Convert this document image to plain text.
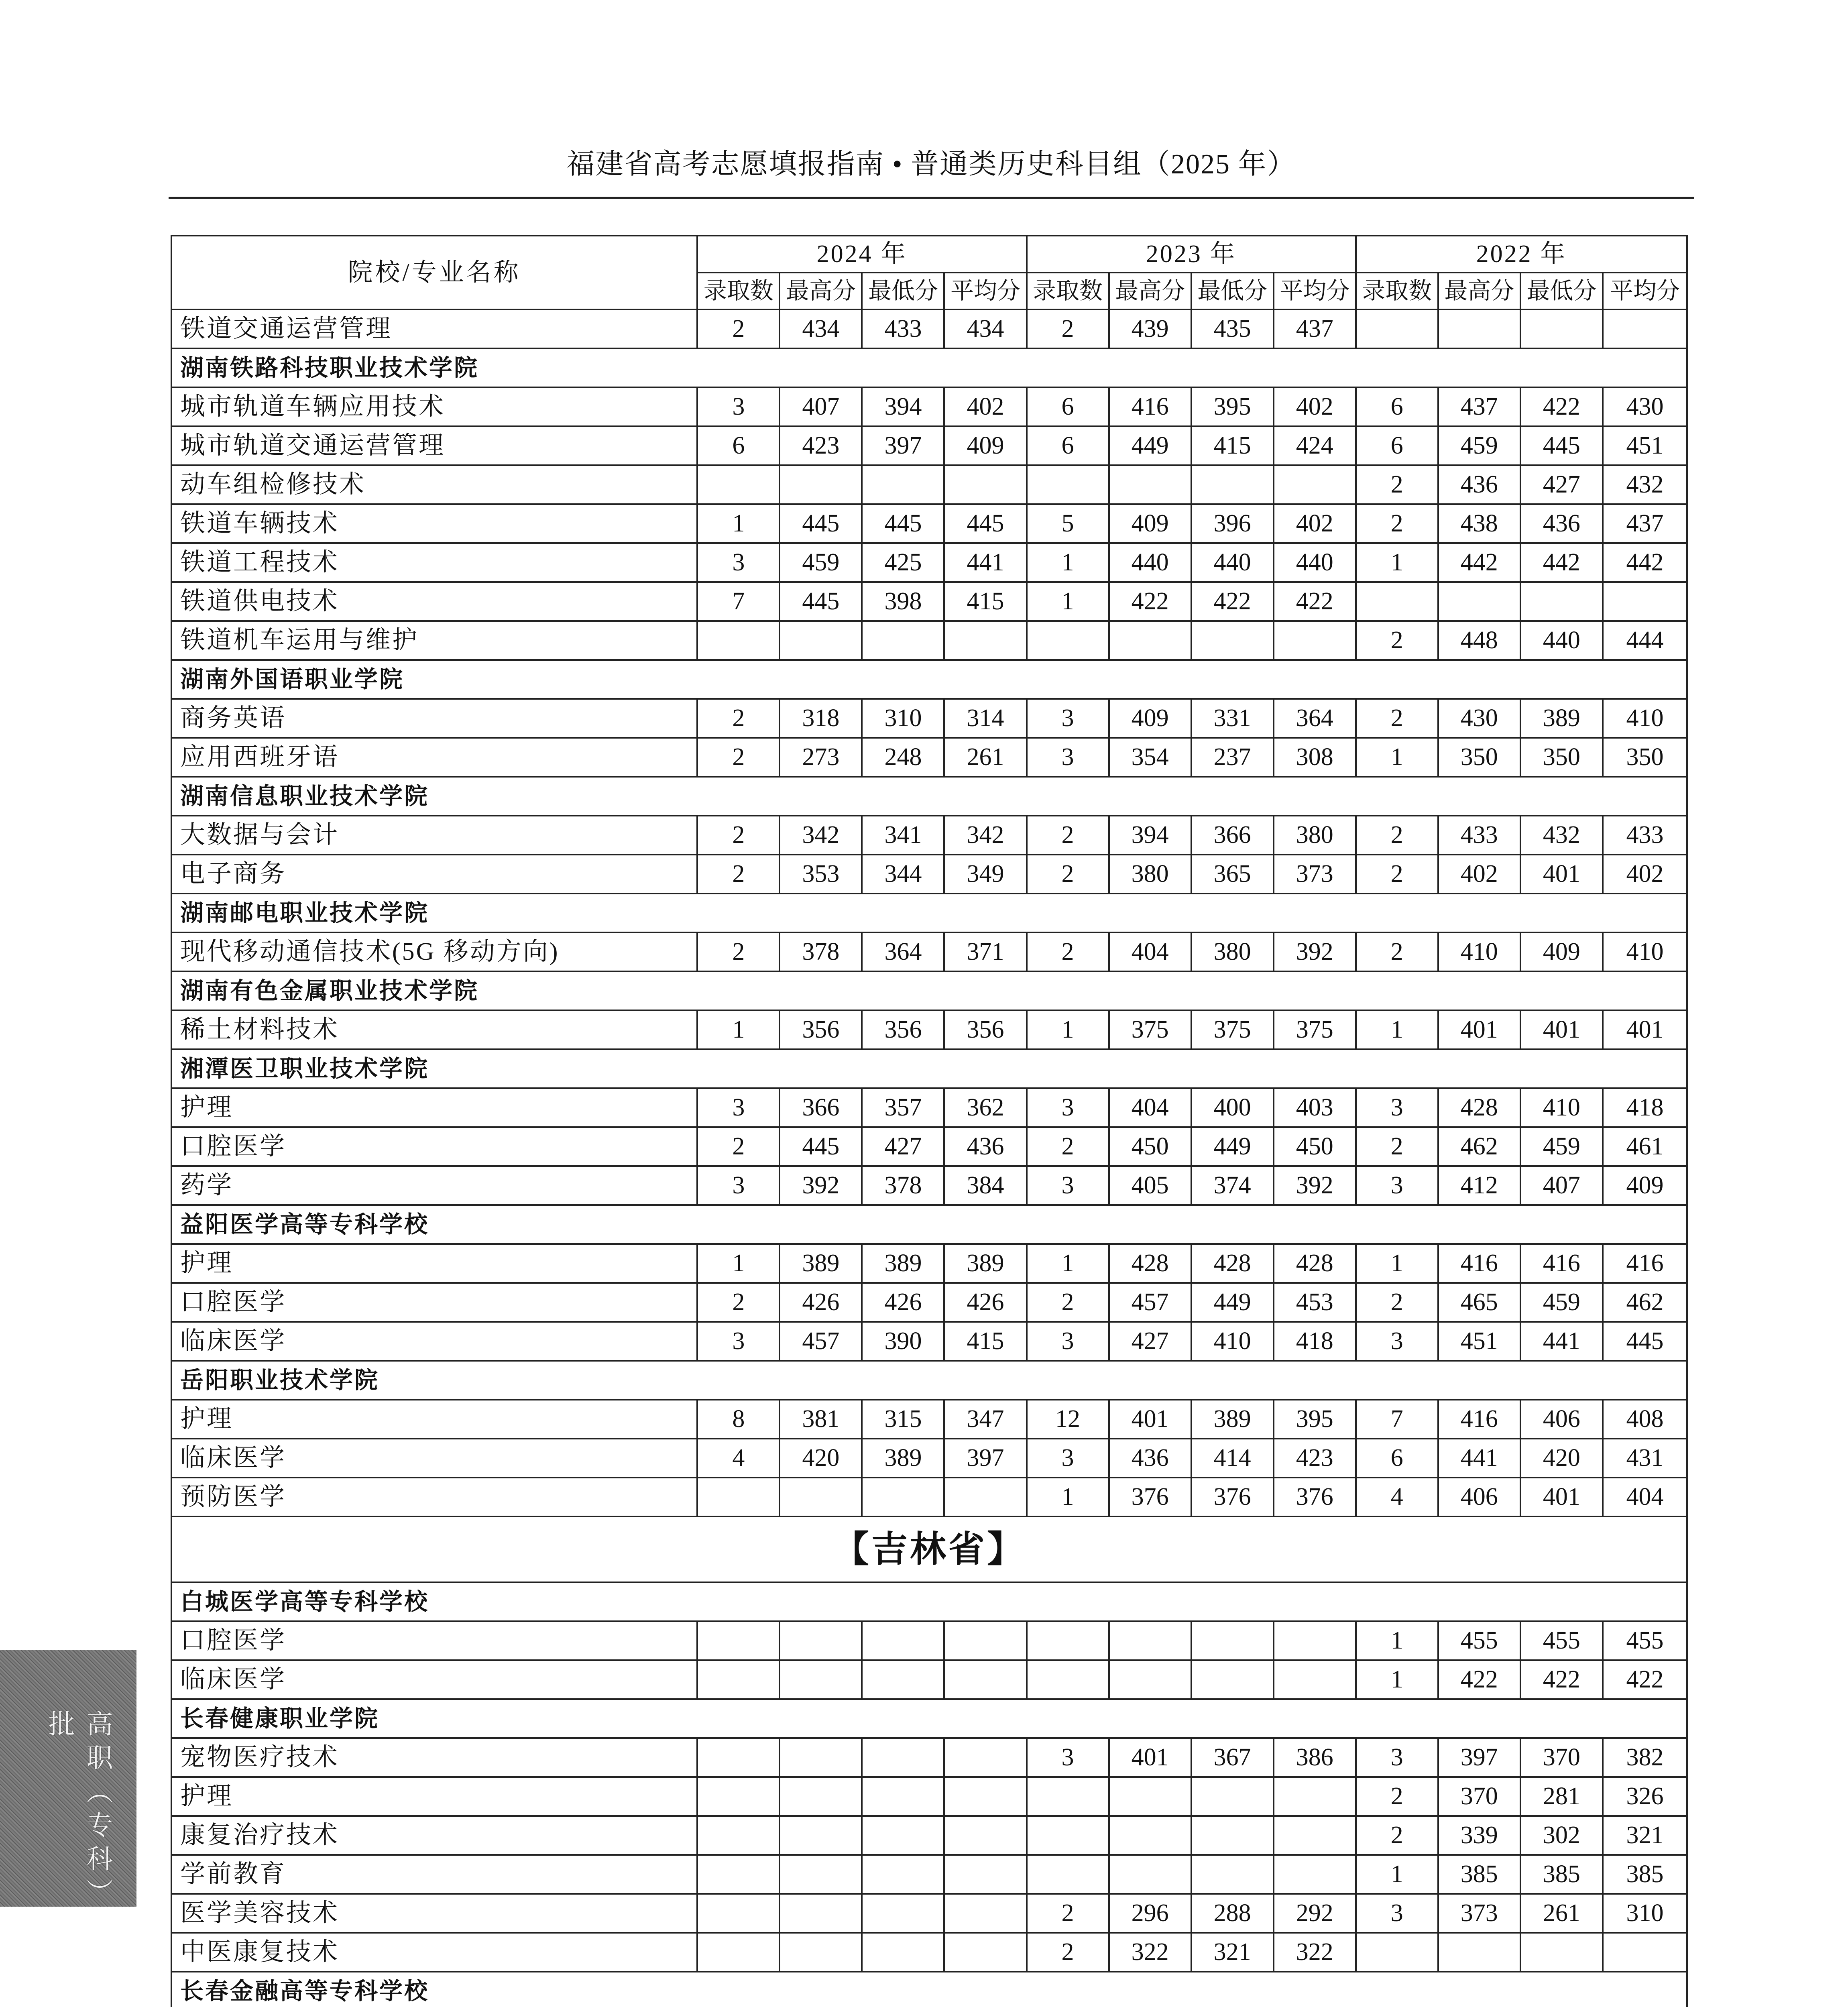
福建省高考志愿填报指南 • 普通类历史科目组（2025 年）
院校/专业名称	2024 年				2023 年				2022 年			
	录取数	最高分	最低分	平均分	录取数	最高分	最低分	平均分	录取数	最高分	最低分	平均分
铁道交通运营管理	2	434	433	434	2	439	435	437				
湖南铁路科技职业技术学院												
城市轨道车辆应用技术	3	407	394	402	6	416	395	402	6	437	422	430
城市轨道交通运营管理	6	423	397	409	6	449	415	424	6	459	445	451
动车组检修技术									2	436	427	432
铁道车辆技术	1	445	445	445	5	409	396	402	2	438	436	437
铁道工程技术	3	459	425	441	1	440	440	440	1	442	442	442
铁道供电技术	7	445	398	415	1	422	422	422				
铁道机车运用与维护									2	448	440	444
湖南外国语职业学院												
商务英语	2	318	310	314	3	409	331	364	2	430	389	410
应用西班牙语	2	273	248	261	3	354	237	308	1	350	350	350
湖南信息职业技术学院												
大数据与会计	2	342	341	342	2	394	366	380	2	433	432	433
电子商务	2	353	344	349	2	380	365	373	2	402	401	402
湖南邮电职业技术学院												
现代移动通信技术(5G 移动方向)	2	378	364	371	2	404	380	392	2	410	409	410
湖南有色金属职业技术学院												
稀土材料技术	1	356	356	356	1	375	375	375	1	401	401	401
湘潭医卫职业技术学院												
护理	3	366	357	362	3	404	400	403	3	428	410	418
口腔医学	2	445	427	436	2	450	449	450	2	462	459	461
药学	3	392	378	384	3	405	374	392	3	412	407	409
益阳医学高等专科学校												
护理	1	389	389	389	1	428	428	428	1	416	416	416
口腔医学	2	426	426	426	2	457	449	453	2	465	459	462
临床医学	3	457	390	415	3	427	410	418	3	451	441	445
岳阳职业技术学院												
护理	8	381	315	347	12	401	389	395	7	416	406	408
临床医学	4	420	389	397	3	436	414	423	6	441	420	431
预防医学					1	376	376	376	4	406	401	404
【吉林省】												
白城医学高等专科学校												
口腔医学									1	455	455	455
临床医学									1	422	422	422
长春健康职业学院												
宠物医疗技术					3	401	367	386	3	397	370	382
护理									2	370	281	326
康复治疗技术									2	339	302	321
学前教育									1	385	385	385
医学美容技术					2	296	288	292	3	373	261	310
中医康复技术					2	322	321	322				
长春金融高等专科学校												

高职（专科）批
